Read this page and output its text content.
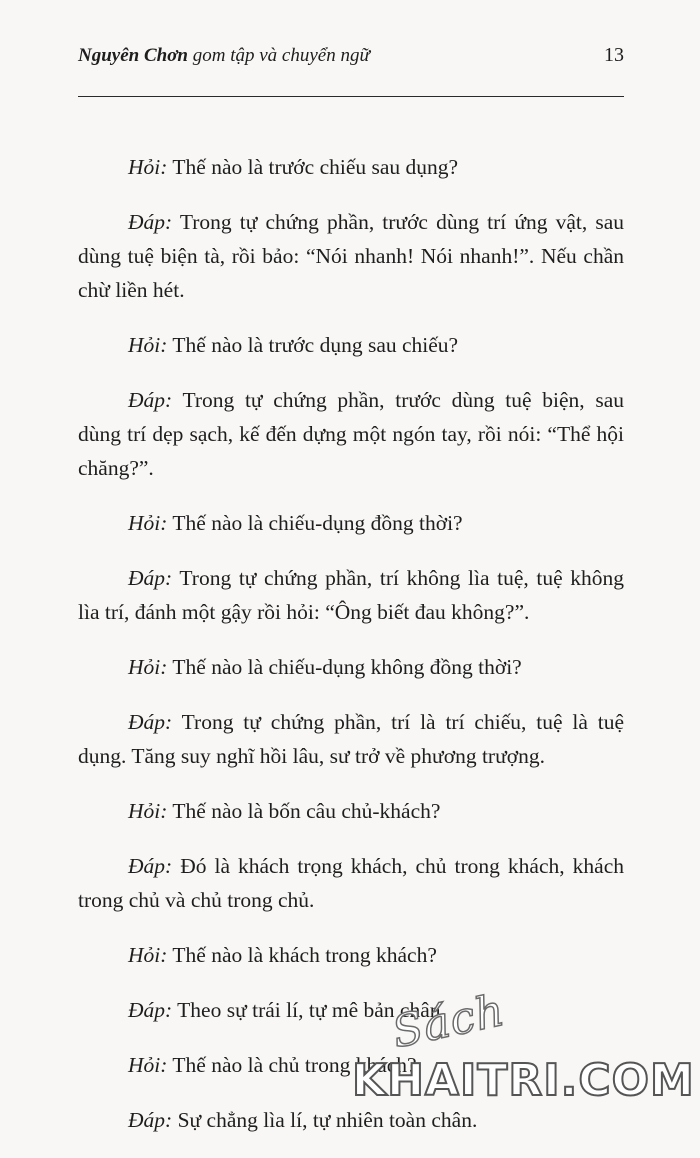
Nguyên Chơn gom tập và chuyển ngữ	13

Hỏi: Thế nào là trước chiếu sau dụng?

Đáp: Trong tự chứng phần, trước dùng trí ứng vật, sau dùng tuệ biện tà, rồi bảo: “Nói nhanh! Nói nhanh!”. Nếu chần chừ liền hét.

Hỏi: Thế nào là trước dụng sau chiếu?

Đáp: Trong tự chứng phần, trước dùng tuệ biện, sau dùng trí dẹp sạch, kế đến dựng một ngón tay, rồi nói: “Thể hội chăng?”.

Hỏi: Thế nào là chiếu-dụng đồng thời?

Đáp: Trong tự chứng phần, trí không lìa tuệ, tuệ không lìa trí, đánh một gậy rồi hỏi: “Ông biết đau không?”.

Hỏi: Thế nào là chiếu-dụng không đồng thời?

Đáp: Trong tự chứng phần, trí là trí chiếu, tuệ là tuệ dụng. Tăng suy nghĩ hồi lâu, sư trở về phương trượng.

Hỏi: Thế nào là bốn câu chủ-khách?

Đáp: Đó là khách trọng khách, chủ trong khách, khách trong chủ và chủ trong chủ.

Hỏi: Thế nào là khách trong khách?

Đáp: Theo sự trái lí, tự mê bản chân.

Hỏi: Thế nào là chủ trong khách?

Đáp: Sự chẳng lìa lí, tự nhiên toàn chân.

Sách
KHAITRI.COM
